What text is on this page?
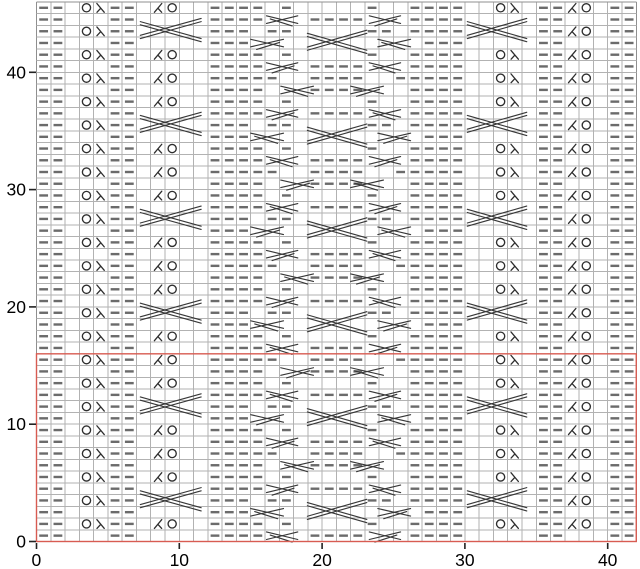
0	10	20	30	40
0
10
20
30
40
